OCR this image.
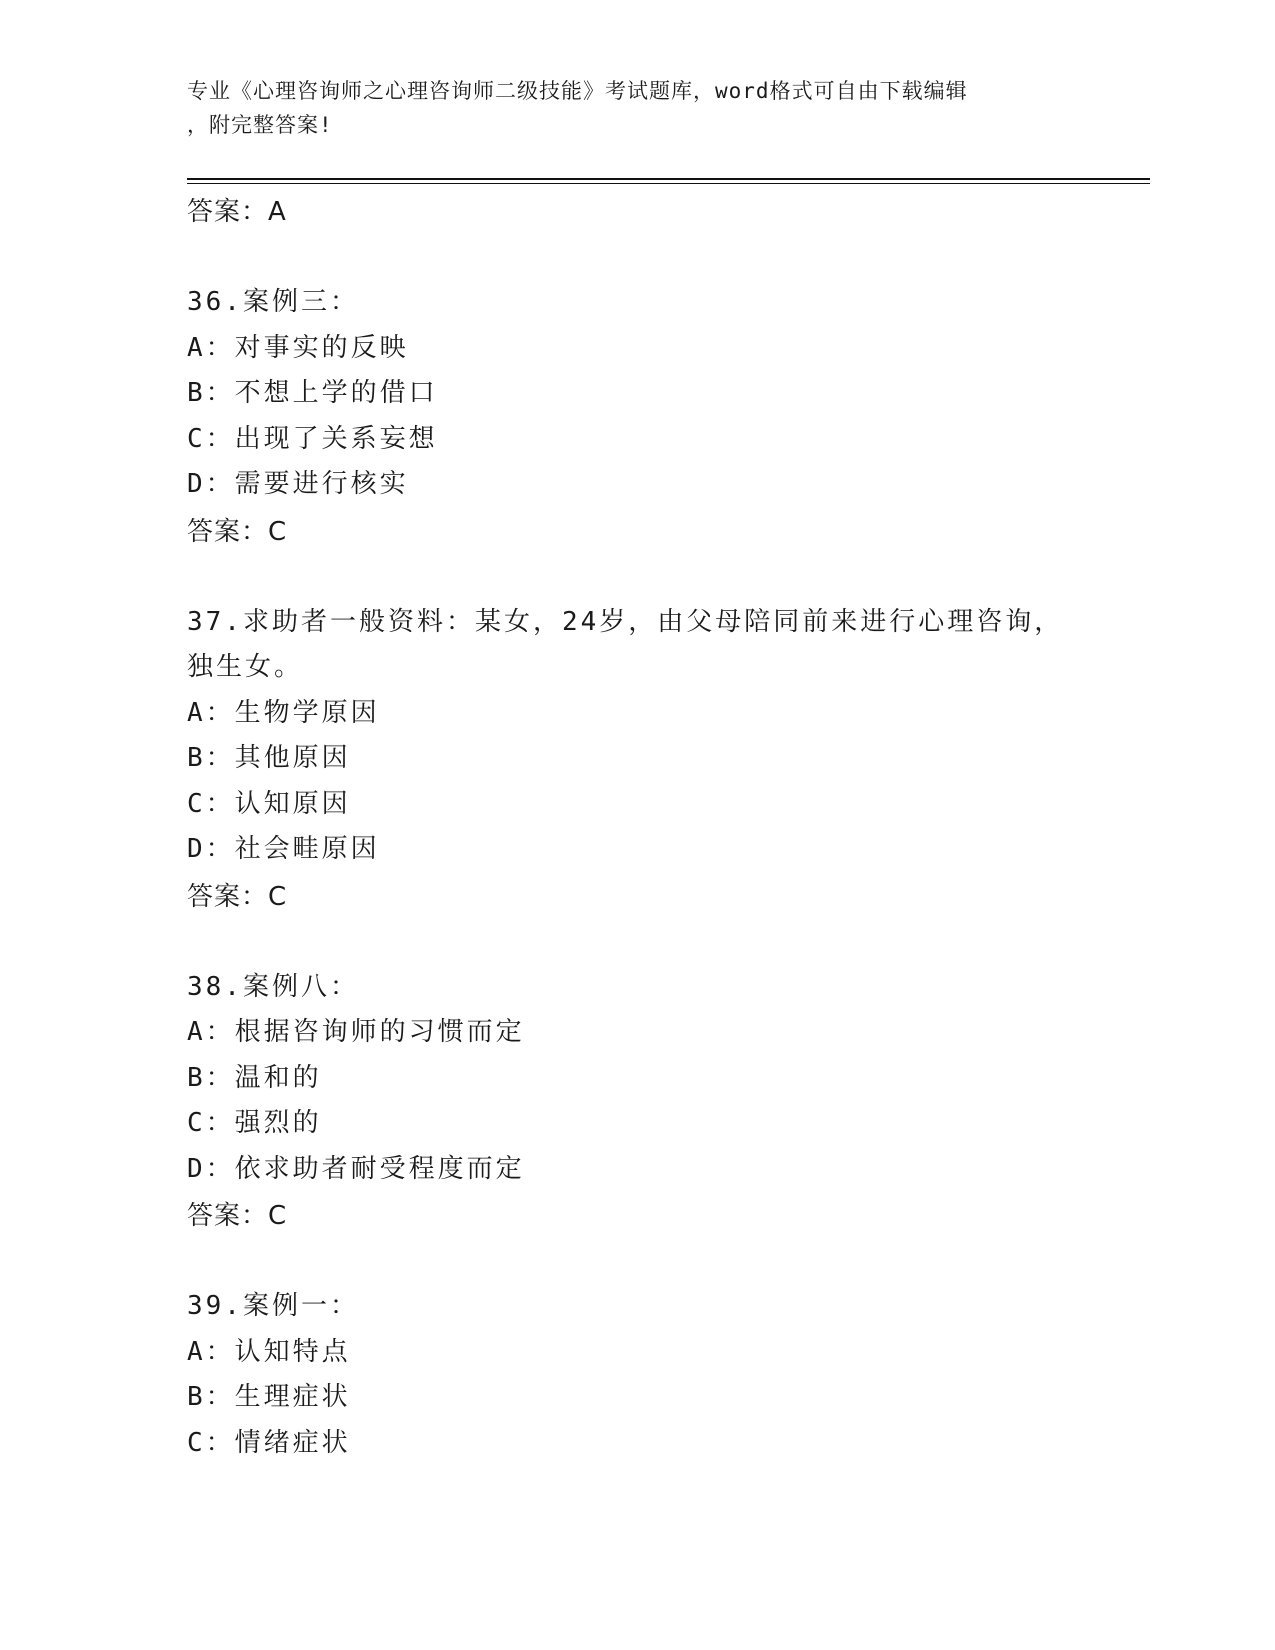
专业《心理咨询师之心理咨询师二级技能》考试题库，word格式可自由下载编辑
，附完整答案!
答案：A
36.案例三：
A：对事实的反映
B：不想上学的借口
C：出现了关系妄想
D：需要进行核实
答案：C
37.求助者一般资料：某女，24岁，由父母陪同前来进行心理咨询，独生女。
A：生物学原因
B：其他原因
C：认知原因
D：社会畦原因
答案：C
38.案例八：
A：根据咨询师的习惯而定
B：温和的
C：强烈的
D：依求助者耐受程度而定
答案：C
39.案例一：
A：认知特点
B：生理症状
C：情绪症状
